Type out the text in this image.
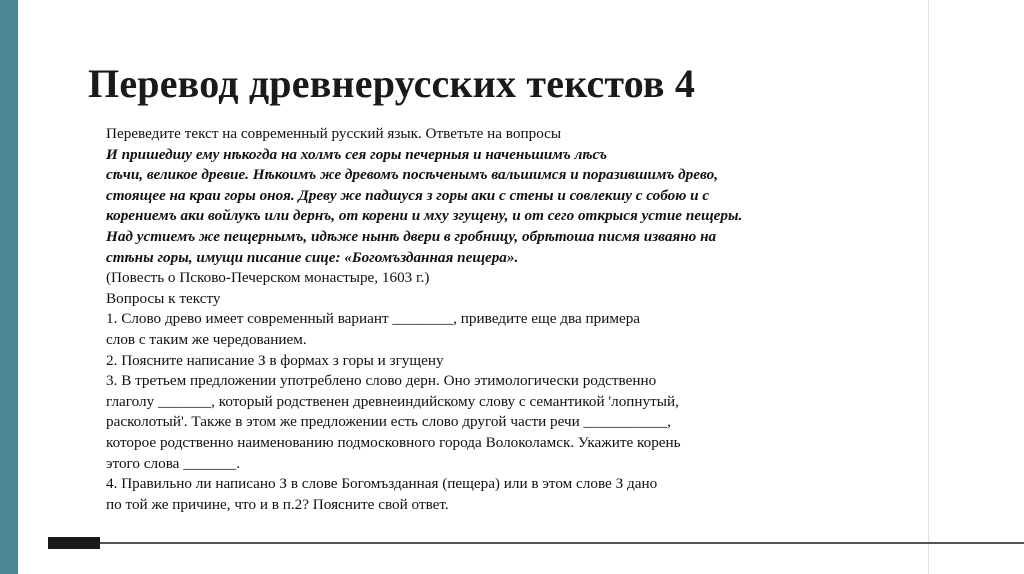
Перевод древнерусских текстов 4
Переведите текст на современный русский язык. Ответьте на вопросы
И пришедшу ему нѣкогда на холмъ сея горы печерныя и наченьшимъ лѣсъ
сѣчи, великое древие. Нѣкоимъ же древомъ посѣченымъ вальшимся и поразившимъ древо,
стоящее на краи горы оноя. Древу же падшуся з горы аки с стены и совлекшу с собою и с
корениемъ аки войлукъ или дернъ, от корени и мху згущену, и от сего открыся устие пещеры.
Над устиемъ же пещернымъ, идѣже нынѣ двери в гробницу, обрѣтоша писмя изваяно на
стѣны горы, имущи писание сице: «Богомъзданная пещера».
(Повесть о Псково-Печерском монастыре, 1603 г.)
Вопросы к тексту
1. Слово древо имеет современный вариант ________, приведите еще два примера
слов с таким же чередованием.
2. Поясните написание З в формах з горы и згущену
3. В третьем предложении употреблено слово дерн. Оно этимологически родственно
глаголу _______, который родственен древнеиндийскому слову с семантикой 'лопнутый,
расколотый'. Также в этом же предложении есть слово другой части речи ___________,
которое родственно наименованию подмосковного города Волоколамск. Укажите корень
этого слова _______.
4. Правильно ли написано З в слове Богомъзданная (пещера) или в этом слове З дано
по той же причине, что и в п.2? Поясните свой ответ.
